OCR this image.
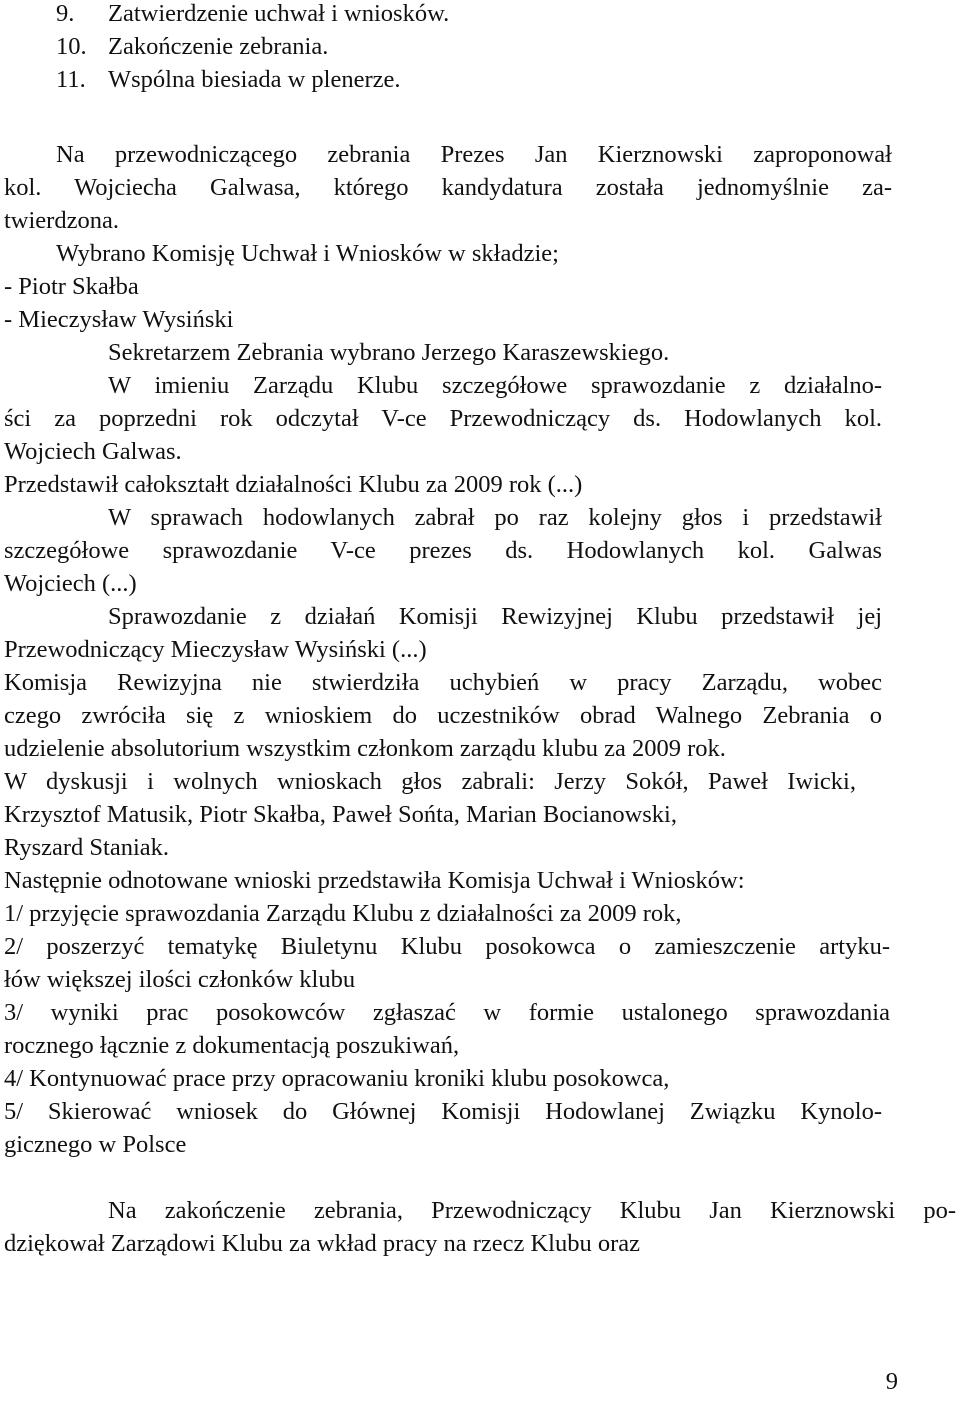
9. Zatwierdzenie uchwał i wniosków.
10. Zakończenie zebrania.
11. Wspólna biesiada w plenerze.
Na przewodniczącego zebrania Prezes Jan Kierznowski zaproponował
kol. Wojciecha Galwasa, którego kandydatura została jednomyślnie za-
twierdzona.
Wybrano Komisję Uchwał i Wniosków w składzie;
- Piotr Skałba
- Mieczysław Wysiński
Sekretarzem Zebrania wybrano Jerzego Karaszewskiego.
W imieniu Zarządu Klubu szczegółowe sprawozdanie z działalno-
ści za poprzedni rok odczytał V-ce Przewodniczący ds. Hodowlanych kol.
Wojciech Galwas.
Przedstawił całokształt działalności Klubu za 2009 rok (...)
W sprawach hodowlanych zabrał po raz kolejny głos i przedstawił
szczegółowe sprawozdanie V-ce prezes ds. Hodowlanych kol. Galwas
Wojciech (...)
Sprawozdanie z działań Komisji Rewizyjnej Klubu przedstawił jej
Przewodniczący Mieczysław Wysiński (...)
Komisja Rewizyjna nie stwierdziła uchybień w pracy Zarządu, wobec
czego zwróciła się z wnioskiem do uczestników obrad Walnego Zebrania o
udzielenie absolutorium wszystkim członkom zarządu klubu za 2009 rok.
W dyskusji i wolnych wnioskach głos zabrali: Jerzy Sokół, Paweł Iwicki,
Krzysztof Matusik, Piotr Skałba, Paweł Sońta, Marian Bocianowski,
Ryszard Staniak.
Następnie odnotowane wnioski przedstawiła Komisja Uchwał i Wniosków:
1/ przyjęcie sprawozdania Zarządu Klubu z działalności za 2009 rok,
2/ poszerzyć tematykę Biuletynu Klubu posokowca o zamieszczenie artyku-
łów większej ilości członków klubu
3/ wyniki prac posokowców zgłaszać w formie ustalonego sprawozdania
rocznego łącznie z dokumentacją poszukiwań,
4/ Kontynuować prace przy opracowaniu kroniki klubu posokowca,
5/ Skierować wniosek do Głównej Komisji Hodowlanej Związku Kynolo-
gicznego w Polsce
Na zakończenie zebrania, Przewodniczący Klubu Jan Kierznowski po-
dziękował Zarządowi Klubu za wkład pracy na rzecz Klubu oraz
9
